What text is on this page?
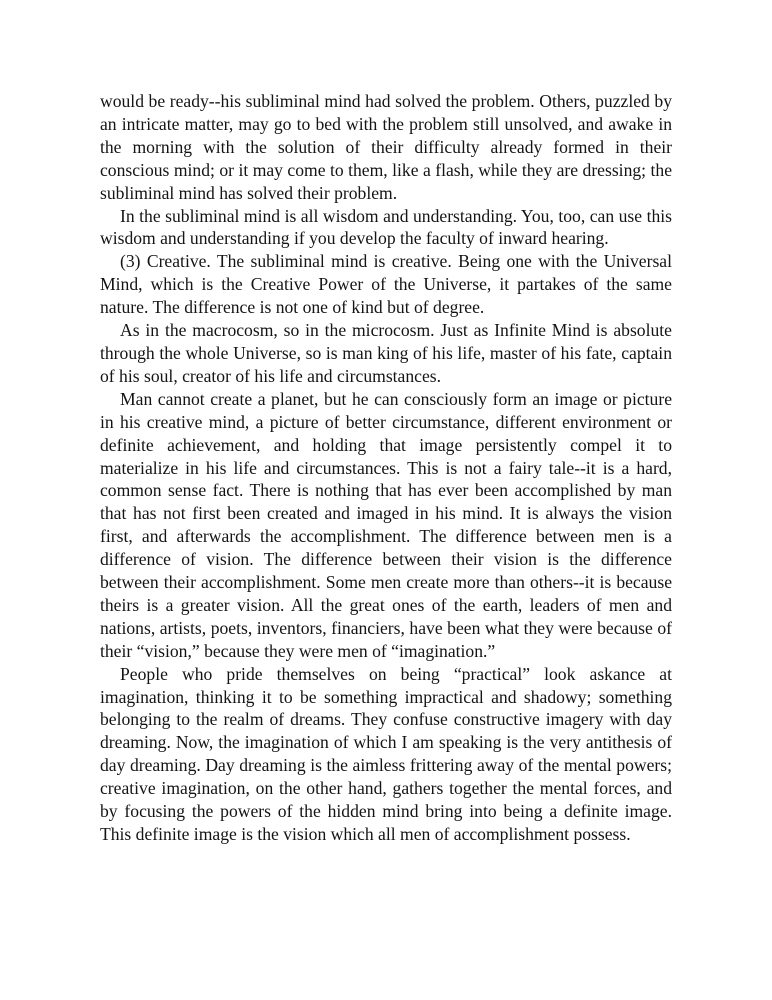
would be ready--his subliminal mind had solved the problem. Others, puzzled by an intricate matter, may go to bed with the problem still unsolved, and awake in the morning with the solution of their difficulty already formed in their conscious mind; or it may come to them, like a flash, while they are dressing; the subliminal mind has solved their problem.

In the subliminal mind is all wisdom and understanding. You, too, can use this wisdom and understanding if you develop the faculty of inward hearing.

(3) Creative. The subliminal mind is creative. Being one with the Universal Mind, which is the Creative Power of the Universe, it partakes of the same nature. The difference is not one of kind but of degree.

As in the macrocosm, so in the microcosm. Just as Infinite Mind is absolute through the whole Universe, so is man king of his life, master of his fate, captain of his soul, creator of his life and circumstances.

Man cannot create a planet, but he can consciously form an image or picture in his creative mind, a picture of better circumstance, different environment or definite achievement, and holding that image persistently compel it to materialize in his life and circumstances. This is not a fairy tale--it is a hard, common sense fact. There is nothing that has ever been accomplished by man that has not first been created and imaged in his mind. It is always the vision first, and afterwards the accomplishment. The difference between men is a difference of vision. The difference between their vision is the difference between their accomplishment. Some men create more than others--it is because theirs is a greater vision. All the great ones of the earth, leaders of men and nations, artists, poets, inventors, financiers, have been what they were because of their “vision,” because they were men of “imagination.”

People who pride themselves on being “practical” look askance at imagination, thinking it to be something impractical and shadowy; something belonging to the realm of dreams. They confuse constructive imagery with day dreaming. Now, the imagination of which I am speaking is the very antithesis of day dreaming. Day dreaming is the aimless frittering away of the mental powers; creative imagination, on the other hand, gathers together the mental forces, and by focusing the powers of the hidden mind bring into being a definite image. This definite image is the vision which all men of accomplishment possess.
